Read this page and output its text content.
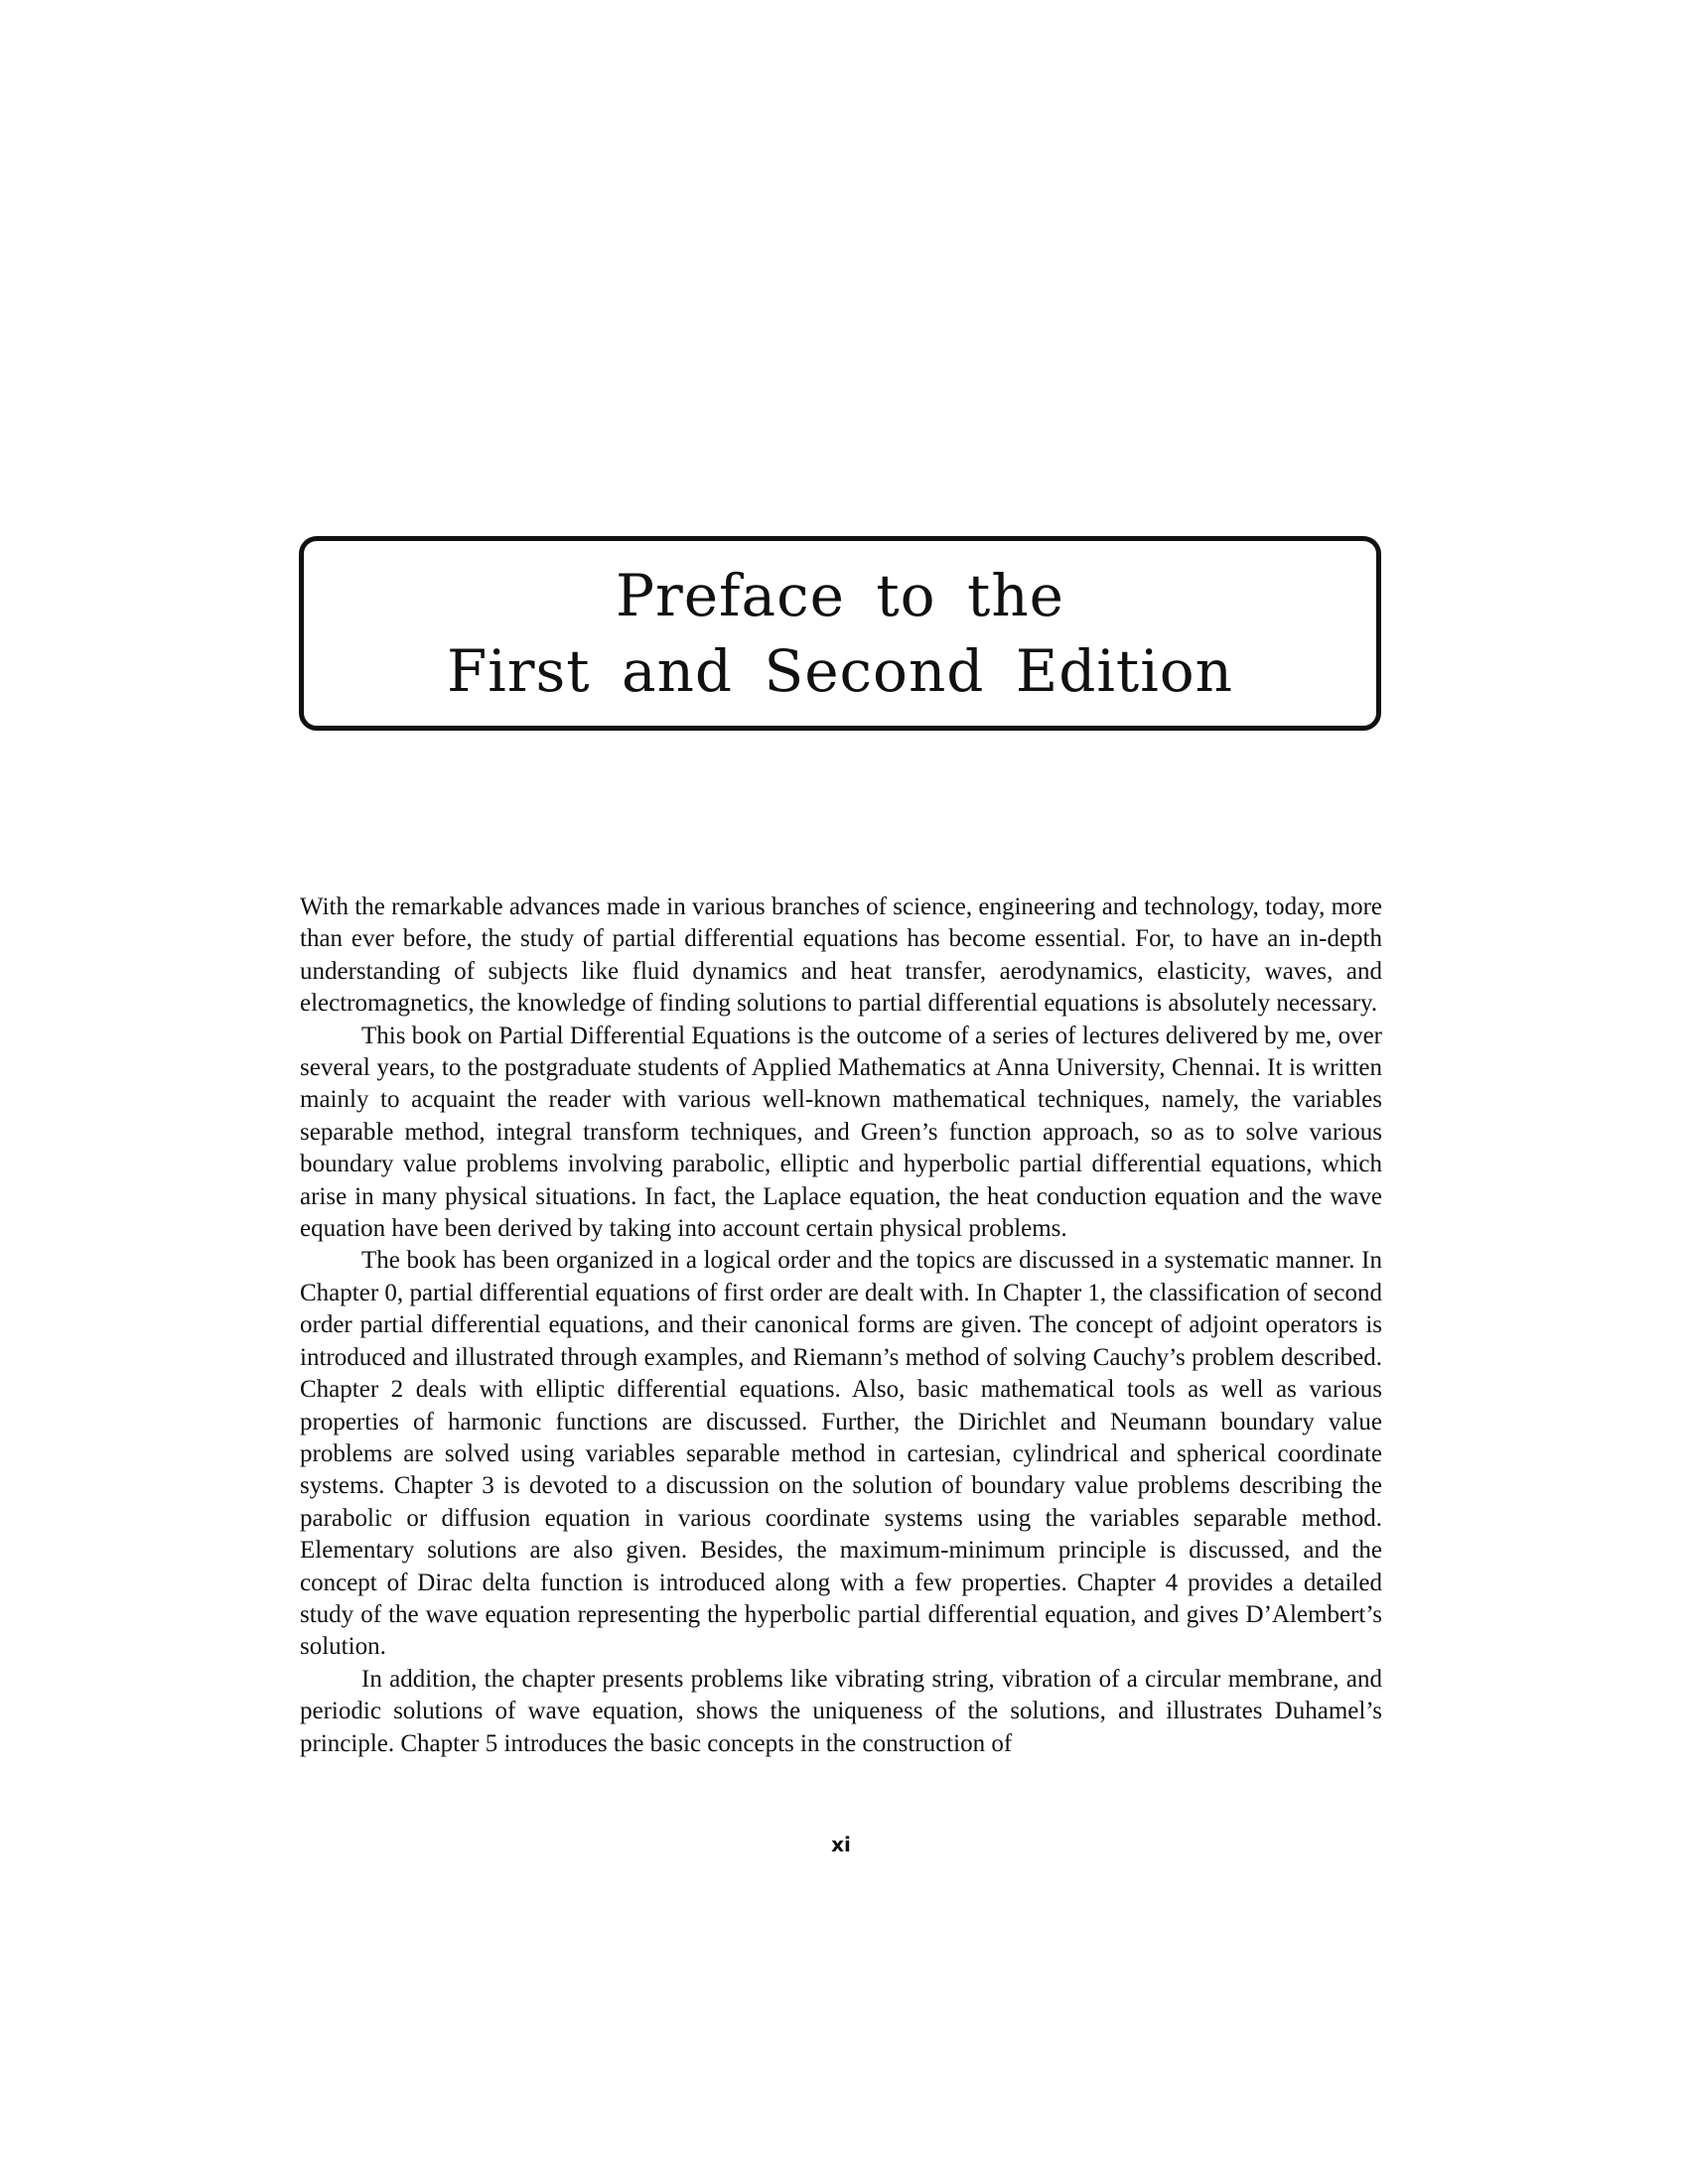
Preface to the
First and Second Edition

With the remarkable advances made in various branches of science, engineering and technology, today, more than ever before, the study of partial differential equations has become essential. For, to have an in-depth understanding of subjects like fluid dynamics and heat transfer, aerodynamics, elasticity, waves, and electromagnetics, the knowledge of finding solutions to partial differential equations is absolutely necessary.

This book on Partial Differential Equations is the outcome of a series of lectures delivered by me, over several years, to the postgraduate students of Applied Mathematics at Anna University, Chennai. It is written mainly to acquaint the reader with various well-known mathematical techniques, namely, the variables separable method, integral transform techniques, and Green’s function approach, so as to solve various boundary value problems involving parabolic, elliptic and hyperbolic partial differential equations, which arise in many physical situations. In fact, the Laplace equation, the heat conduction equation and the wave equation have been derived by taking into account certain physical problems.

The book has been organized in a logical order and the topics are discussed in a systematic manner. In Chapter 0, partial differential equations of first order are dealt with. In Chapter 1, the classification of second order partial differential equations, and their canonical forms are given. The concept of adjoint operators is introduced and illustrated through examples, and Riemann’s method of solving Cauchy’s problem described. Chapter 2 deals with elliptic differential equations. Also, basic mathematical tools as well as various properties of harmonic functions are discussed. Further, the Dirichlet and Neumann boundary value problems are solved using variables separable method in cartesian, cylindrical and spherical coordinate systems. Chapter 3 is devoted to a discussion on the solution of boundary value problems describing the parabolic or diffusion equation in various coordinate systems using the variables separable method. Elementary solutions are also given. Besides, the maximum-minimum principle is discussed, and the concept of Dirac delta function is introduced along with a few properties. Chapter 4 provides a detailed study of the wave equation representing the hyperbolic partial differential equation, and gives D’Alembert’s solution.

In addition, the chapter presents problems like vibrating string, vibration of a circular membrane, and periodic solutions of wave equation, shows the uniqueness of the solutions, and illustrates Duhamel’s principle. Chapter 5 introduces the basic concepts in the construction of

xi
